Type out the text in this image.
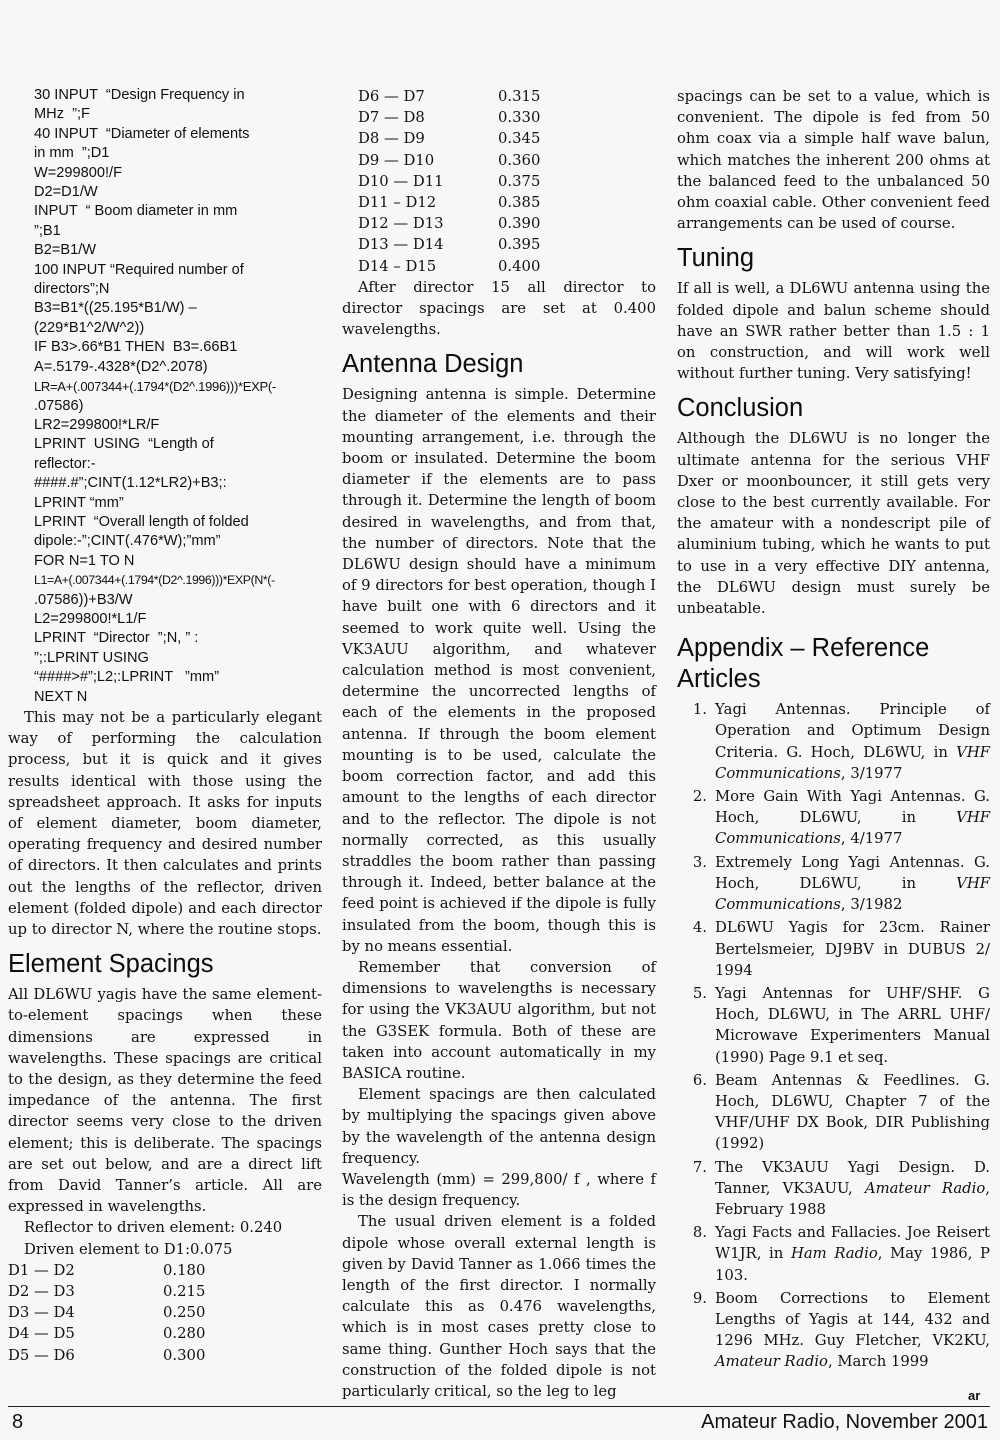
30 INPUT  “Design Frequency in
MHz  ”;F
40 INPUT  “Diameter of elements
in mm  ”;D1
W=299800!/F
D2=D1/W
INPUT  “ Boom diameter in mm
”;B1
B2=B1/W
100 INPUT “Required number of
directors”;N
B3=B1*((25.195*B1/W) –
(229*B1^2/W^2))
IF B3>.66*B1 THEN  B3=.66B1
A=.5179-.4328*(D2^.2078)
LR=A+(.007344+(.1794*(D2^.1996)))*EXP(-
.07586)
LR2=299800!*LR/F
LPRINT  USING  “Length of
reflector:-
####.#”;CINT(1.12*LR2)+B3;:
LPRINT “mm”
LPRINT  “Overall length of folded
dipole:-”;CINT(.476*W);”mm”
FOR N=1 TO N
L1=A+(.007344+(.1794*(D2^.1996)))*EXP(N*(-
.07586))+B3/W
L2=299800!*L1/F
LPRINT  “Director  ”;N, ” :
”;:LPRINT USING
“####>#”;L2;:LPRINT   ”mm”
NEXT N

This may not be a particularly elegant way of performing the calculation process, but it is quick and it gives results identical with those using the spreadsheet approach. It asks for inputs of element diameter, boom diameter, operating frequency and desired number of directors. It then calculates and prints out the lengths of the reflector, driven element (folded dipole) and each director up to director N, where the routine stops.

Element Spacings

All DL6WU yagis have the same element-to-element spacings when these dimensions are expressed in wavelengths. These spacings are critical to the design, as they determine the feed impedance of the antenna. The first director seems very close to the driven element; this is deliberate. The spacings are set out below, and are a direct lift from David Tanner’s article. All are expressed in wavelengths.

Reflector to driven element: 0.240
Driven element to D1:0.075
D1 — D2	0.180
D2 — D3	0.215
D3 — D4	0.250
D4 — D5	0.280
D5 — D6	0.300
D6 — D7	0.315
D7 — D8	0.330
D8 — D9	0.345
D9 — D10	0.360
D10 — D11	0.375
D11 – D12	0.385
D12 — D13	0.390
D13 — D14	0.395
D14 – D15	0.400

After director 15 all director to director spacings are set at 0.400 wavelengths.

Antenna Design

Designing antenna is simple. Determine the diameter of the elements and their mounting arrangement, i.e. through the boom or insulated. Determine the boom diameter if the elements are to pass through it. Determine the length of boom desired in wavelengths, and from that, the number of directors. Note that the DL6WU design should have a minimum of 9 directors for best operation, though I have built one with 6 directors and it seemed to work quite well. Using the VK3AUU algorithm, and whatever calculation method is most convenient, determine the uncorrected lengths of each of the elements in the proposed antenna. If through the boom element mounting is to be used, calculate the boom correction factor, and add this amount to the lengths of each director and to the reflector. The dipole is not normally corrected, as this usually straddles the boom rather than passing through it. Indeed, better balance at the feed point is achieved if the dipole is fully insulated from the boom, though this is by no means essential.

Remember that conversion of dimensions to wavelengths is necessary for using the VK3AUU algorithm, but not the G3SEK formula. Both of these are taken into account automatically in my BASICA routine.

Element spacings are then calculated by multiplying the spacings given above by the wavelength of the antenna design frequency.

Wavelength (mm) = 299,800/ f , where f is the design frequency.

The usual driven element is a folded dipole whose overall external length is given by David Tanner as 1.066 times the length of the first director. I normally calculate this as 0.476 wavelengths, which is in most cases pretty close to same thing. Gunther Hoch says that the construction of the folded dipole is not particularly critical, so the leg to leg

spacings can be set to a value, which is convenient. The dipole is fed from 50 ohm coax via a simple half wave balun, which matches the inherent 200 ohms at the balanced feed to the unbalanced 50 ohm coaxial cable. Other convenient feed arrangements can be used of course.

Tuning

If all is well, a DL6WU antenna using the folded dipole and balun scheme should have an SWR rather better than 1.5 : 1 on construction, and will work well without further tuning. Very satisfying!

Conclusion

Although the DL6WU is no longer the ultimate antenna for the serious VHF Dxer or moonbouncer, it still gets very close to the best currently available. For the amateur with a nondescript pile of aluminium tubing, which he wants to put to use in a very effective DIY antenna, the DL6WU design must surely be unbeatable.

Appendix – Reference
Articles
1. Yagi Antennas. Principle of Operation and Optimum Design Criteria. G. Hoch, DL6WU, in VHF Communications, 3/1977
2. More Gain With Yagi Antennas. G. Hoch, DL6WU, in VHF Communications, 4/1977
3. Extremely Long Yagi Antennas. G. Hoch, DL6WU, in VHF Communications, 3/1982
4. DL6WU Yagis for 23cm. Rainer Bertelsmeier, DJ9BV in DUBUS 2/ 1994
5. Yagi Antennas for UHF/SHF. G Hoch, DL6WU, in The ARRL UHF/ Microwave Experimenters Manual (1990) Page 9.1 et seq.
6. Beam Antennas & Feedlines. G. Hoch, DL6WU, Chapter 7 of the VHF/UHF DX Book, DIR Publishing (1992)
7. The VK3AUU Yagi Design. D. Tanner, VK3AUU, Amateur Radio, February 1988
8. Yagi Facts and Fallacies. Joe Reisert W1JR, in Ham Radio, May 1986, P 103.
9. Boom Corrections to Element Lengths of Yagis at 144, 432 and 1296 MHz. Guy Fletcher, VK2KU, Amateur Radio, March 1999
ar
8	Amateur Radio, November 2001
